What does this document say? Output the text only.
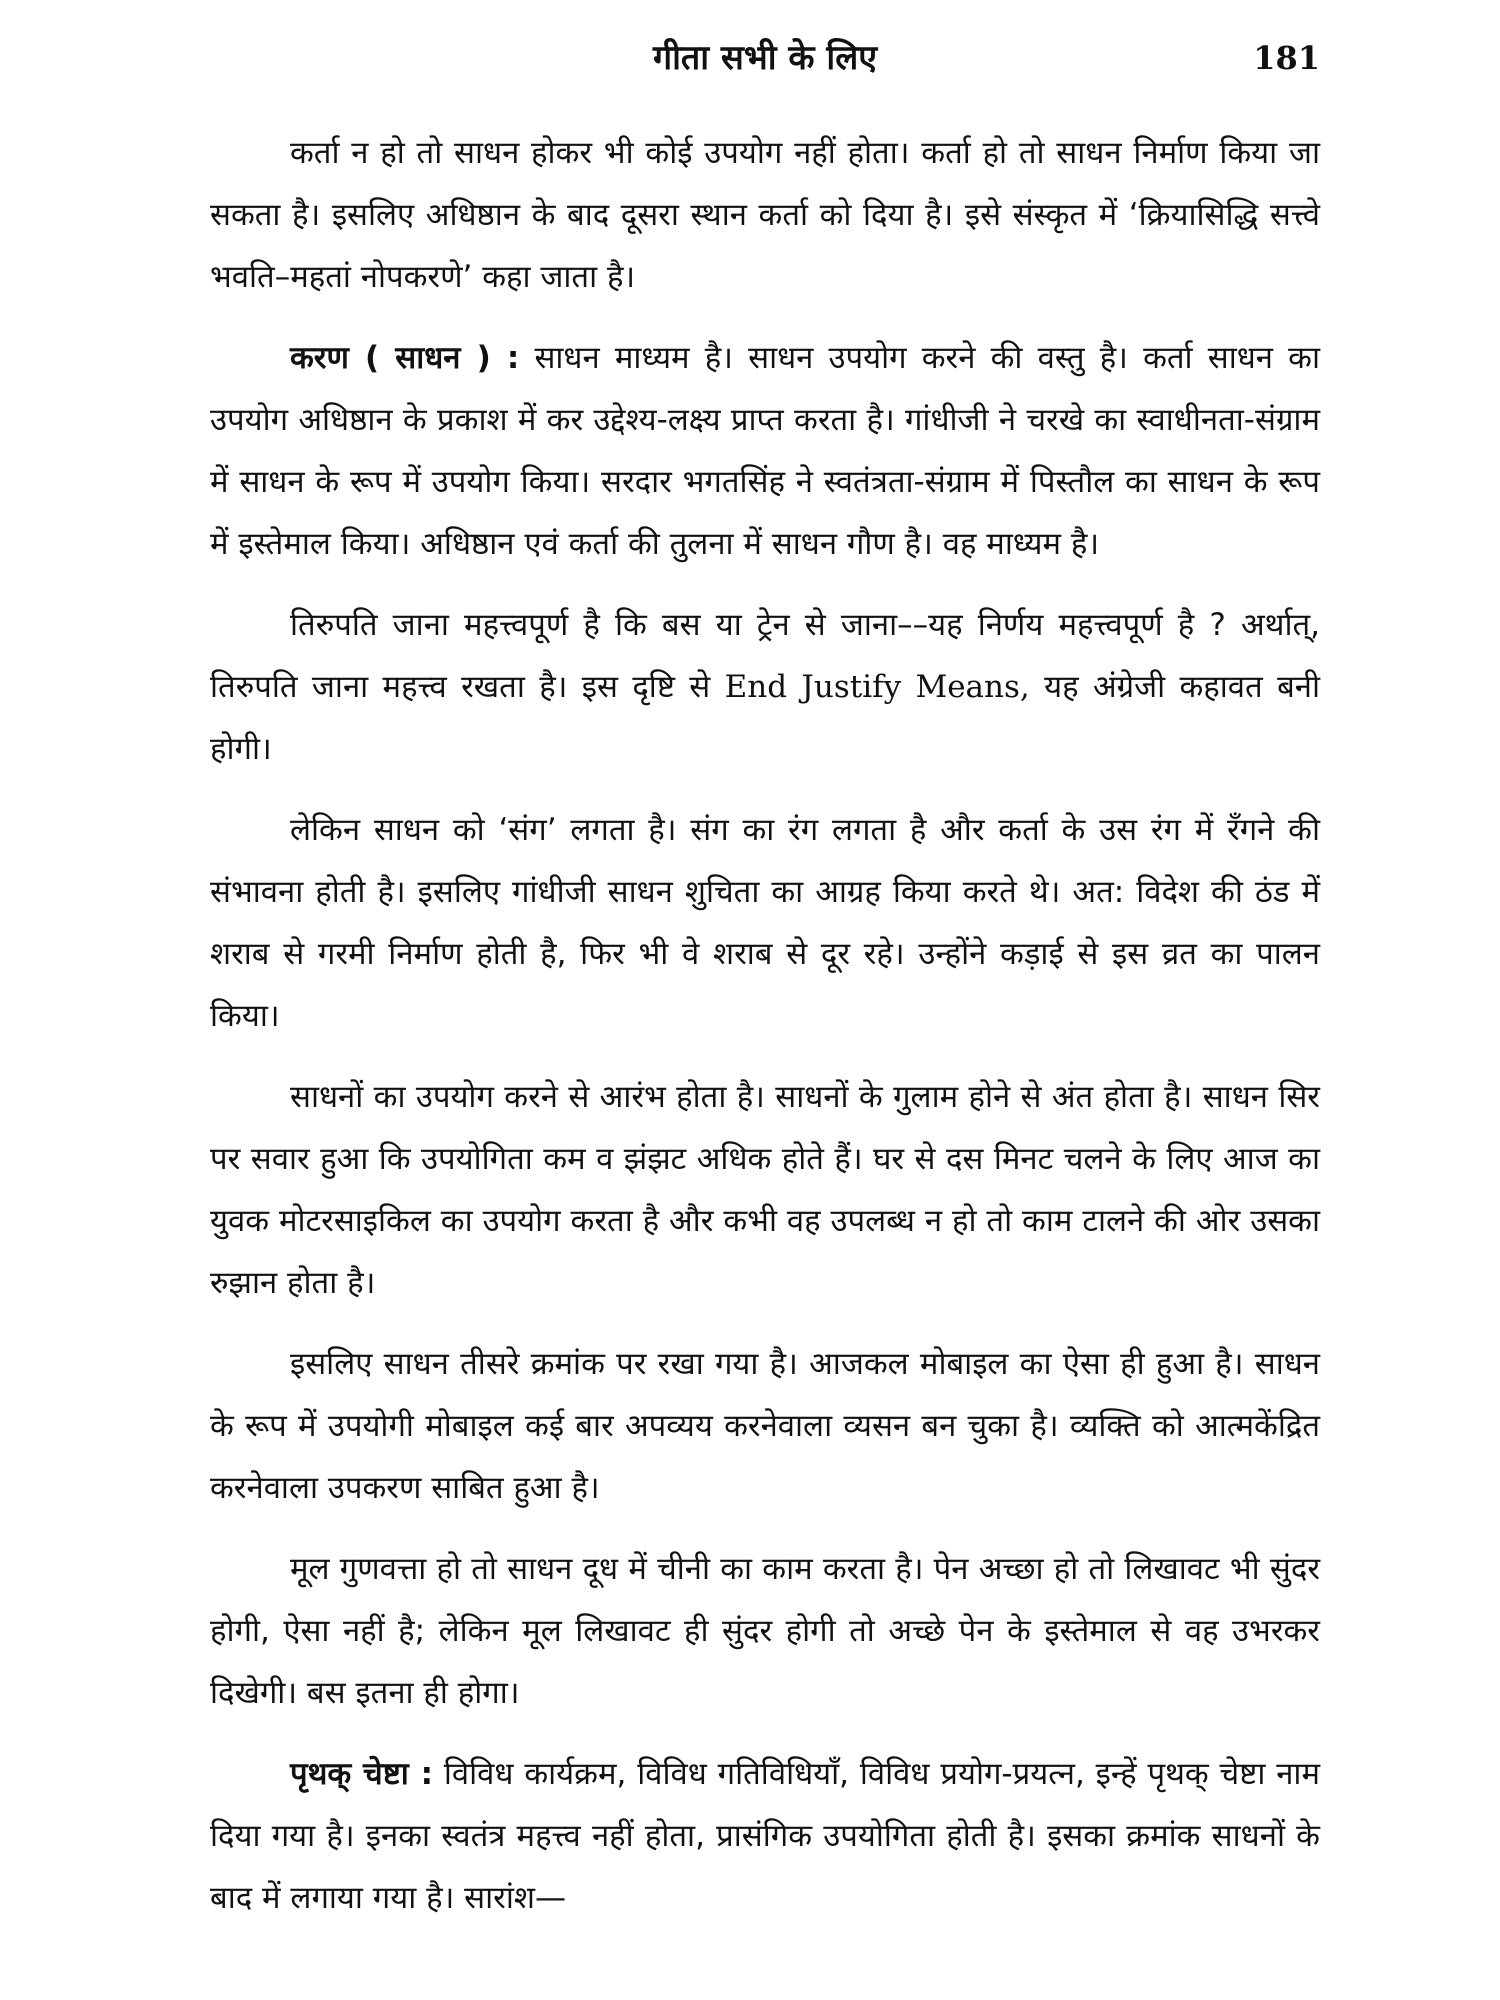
गीता सभी के लिए	181

कर्ता न हो तो साधन होकर भी कोई उपयोग नहीं होता। कर्ता हो तो साधन निर्माण किया जा सकता है। इसलिए अधिष्ठान के बाद दूसरा स्थान कर्ता को दिया है। इसे संस्कृत में ‘क्रियासिद्धि सत्त्वे भवति–महतां नोपकरणे’ कहा जाता है।

करण ( साधन ) : साधन माध्यम है। साधन उपयोग करने की वस्तु है। कर्ता साधन का उपयोग अधिष्ठान के प्रकाश में कर उद्देश्य-लक्ष्य प्राप्त करता है। गांधीजी ने चरखे का स्वाधीनता-संग्राम में साधन के रूप में उपयोग किया। सरदार भगतसिंह ने स्वतंत्रता-संग्राम में पिस्तौल का साधन के रूप में इस्तेमाल किया। अधिष्ठान एवं कर्ता की तुलना में साधन गौण है। वह माध्यम है।

तिरुपति जाना महत्त्वपूर्ण है कि बस या ट्रेन से जाना––यह निर्णय महत्त्वपूर्ण है ? अर्थात्, तिरुपति जाना महत्त्व रखता है। इस दृष्टि से End Justify Means, यह अंग्रेजी कहावत बनी होगी।

लेकिन साधन को ‘संग’ लगता है। संग का रंग लगता है और कर्ता के उस रंग में रँगने की संभावना होती है। इसलिए गांधीजी साधन शुचिता का आग्रह किया करते थे। अत: विदेश की ठंड में शराब से गरमी निर्माण होती है, फिर भी वे शराब से दूर रहे। उन्होंने कड़ाई से इस व्रत का पालन किया।

साधनों का उपयोग करने से आरंभ होता है। साधनों के गुलाम होने से अंत होता है। साधन सिर पर सवार हुआ कि उपयोगिता कम व झंझट अधिक होते हैं। घर से दस मिनट चलने के लिए आज का युवक मोटरसाइकिल का उपयोग करता है और कभी वह उपलब्ध न हो तो काम टालने की ओर उसका रुझान होता है।

इसलिए साधन तीसरे क्रमांक पर रखा गया है। आजकल मोबाइल का ऐसा ही हुआ है। साधन के रूप में उपयोगी मोबाइल कई बार अपव्यय करनेवाला व्यसन बन चुका है। व्यक्ति को आत्मकेंद्रित करनेवाला उपकरण साबित हुआ है।

मूल गुणवत्ता हो तो साधन दूध में चीनी का काम करता है। पेन अच्छा हो तो लिखावट भी सुंदर होगी, ऐसा नहीं है; लेकिन मूल लिखावट ही सुंदर होगी तो अच्छे पेन के इस्तेमाल से वह उभरकर दिखेगी। बस इतना ही होगा।

पृथक् चेष्टा : विविध कार्यक्रम, विविध गतिविधियाँ, विविध प्रयोग-प्रयत्न, इन्हें पृथक् चेष्टा नाम दिया गया है। इनका स्वतंत्र महत्त्व नहीं होता, प्रासंगिक उपयोगिता होती है। इसका क्रमांक साधनों के बाद में लगाया गया है। सारांश—
